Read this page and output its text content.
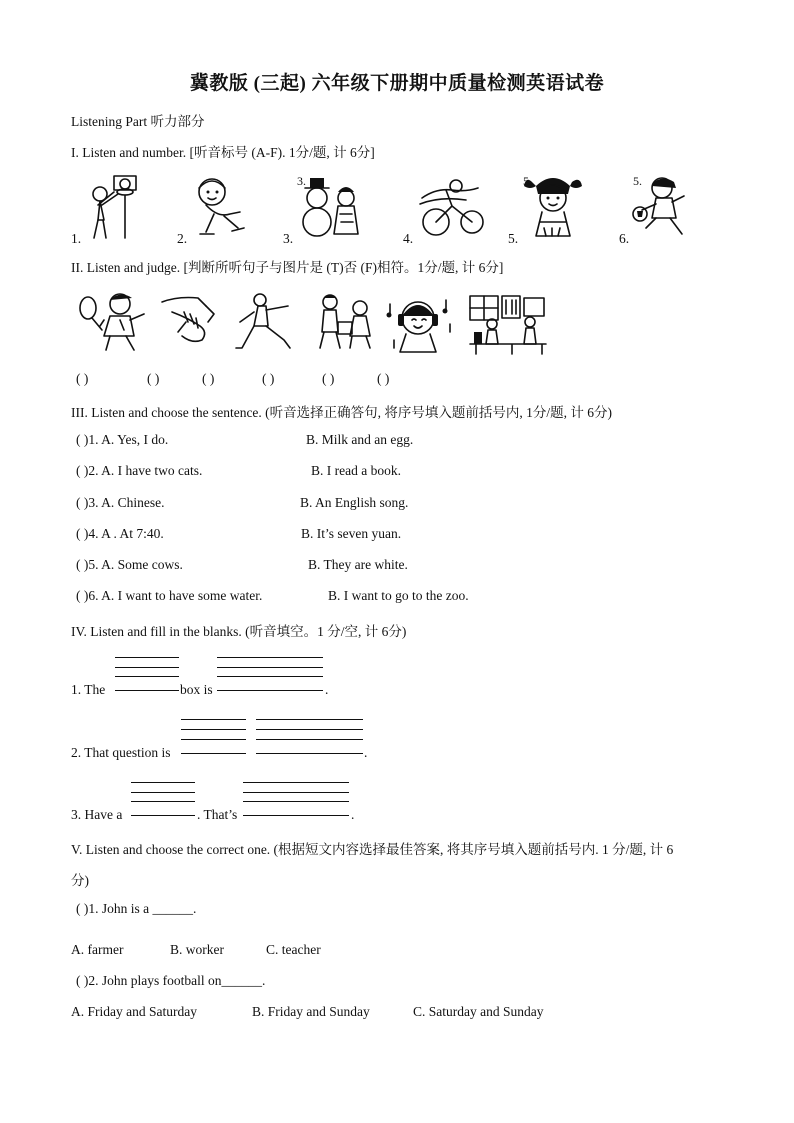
冀教版 (三起) 六年级下册期中质量检测英语试卷
Listening Part 听力部分
I. Listen and number. [听音标号 (A-F). 1分/题, 计 6分]
1.	2.	3.	4.	5.	6.
3.	5.	5.
II. Listen and judge. [判断所听句子与图片是 (T)否 (F)相符。1分/题, 计 6分]
( )	( )	( )	( )	( )	( )
III. Listen and choose the sentence. (听音选择正确答句, 将序号填入题前括号内, 1分/题, 计 6分)
( )1. A. Yes, I do.	B. Milk and an egg.
( )2. A. I have two cats.	B. I read a book.
( )3. A. Chinese.	B. An English song.
( )4. A . At 7:40.	B. It’s seven yuan.
( )5. A. Some cows.	B. They are white.
( )6. A. I want to have some water.	B. I want to go to the zoo.
IV. Listen and fill in the blanks. (听音填空。1 分/空, 计 6分)
1. The	box is	.
2. That question is	.
3. Have a	. That’s	.
V. Listen and choose the correct one. (根据短文内容选择最佳答案, 将其序号填入题前括号内. 1 分/题, 计 6
分)
( )1. John is a ______.
A. farmer	B. worker	C. teacher
( )2. John plays football on______.
A. Friday and Saturday	B. Friday and Sunday	C. Saturday and Sunday
